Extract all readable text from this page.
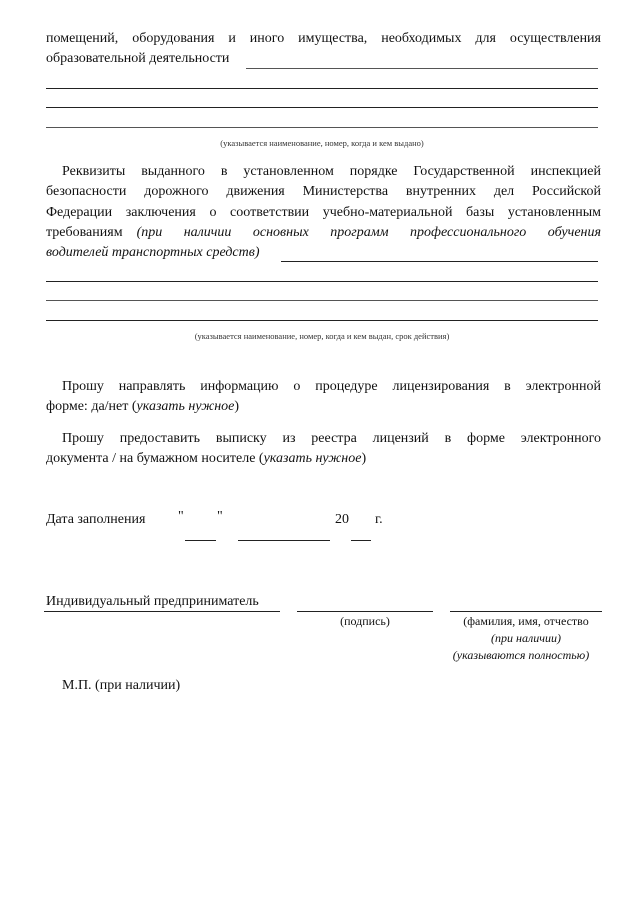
помещений, оборудования и иного имущества, необходимых для осуществления
образовательной деятельности
(указывается наименование, номер, когда и кем выдано)
Реквизиты выданного в установленном порядке Государственной инспекцией
безопасности дорожного движения Министерства внутренних дел Российской
Федерации заключения о соответствии учебно-материальной базы установленным
требованиям (при наличии основных программ профессионального обучения
водителей транспортных средств)
(указывается наименование, номер, когда и кем выдан, срок действия)
Прошу направлять информацию о процедуре лицензирования в электронной
форме: да/нет (указать нужное)
Прошу предоставить выписку из реестра лицензий в форме электронного
документа / на бумажном носителе (указать нужное)
Дата заполнения " "	20 г.
Индивидуальный предприниматель
(подпись)	(фамилия, имя, отчество
(при наличии)
(указываются полностью)
М.П. (при наличии)
